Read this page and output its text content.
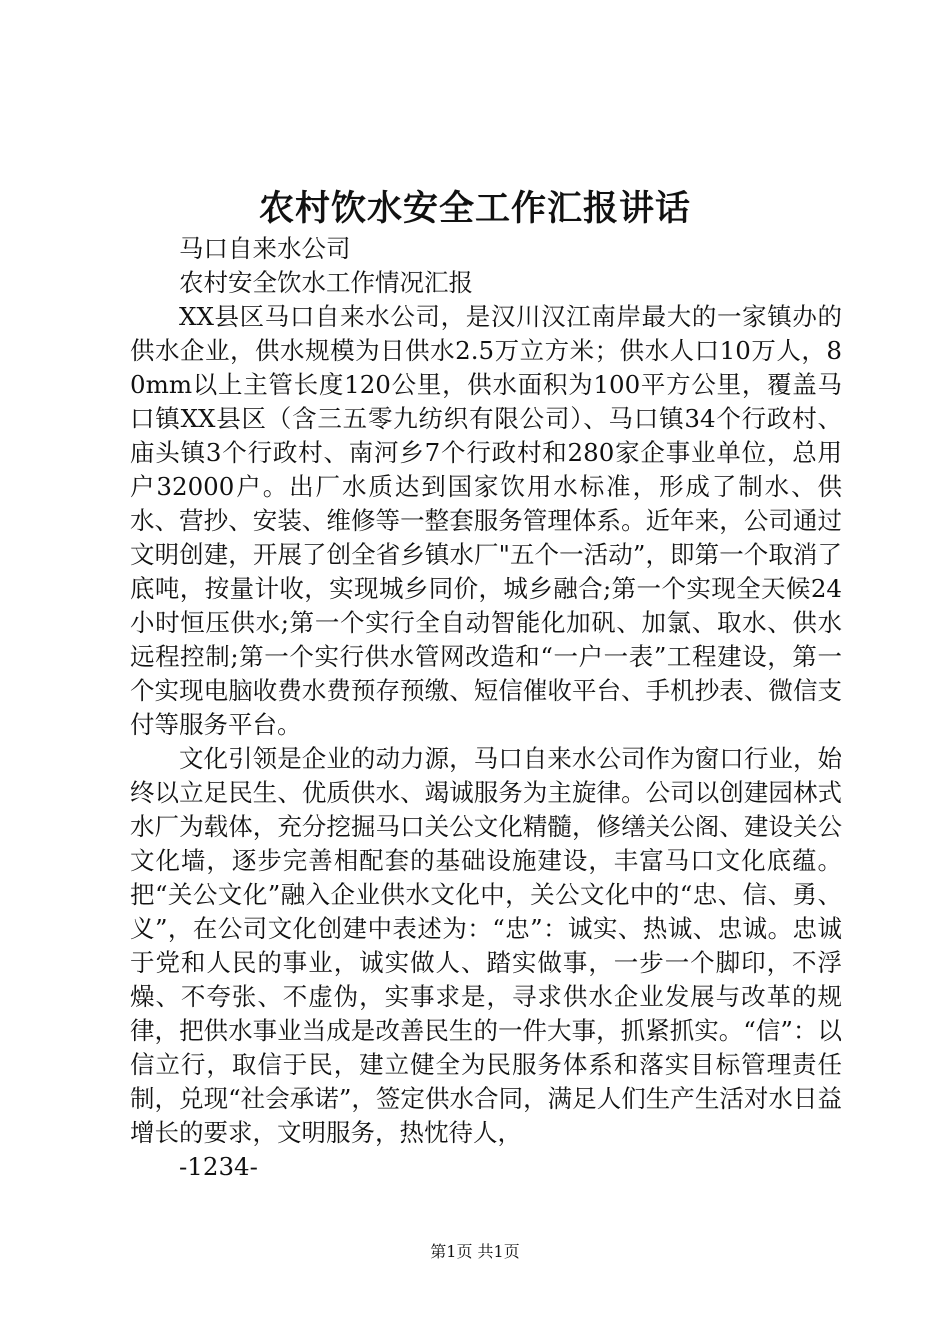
农村饮水安全工作汇报讲话

马口自来水公司

农村安全饮水工作情况汇报

XX县区马口自来水公司，是汉川汉江南岸最大的一家镇办的供水企业，供水规模为日供水2.5万立方米；供水人口10万人，80mm以上主管长度120公里，供水面积为100平方公里，覆盖马口镇XX县区（含三五零九纺织有限公司）、马口镇34个行政村、庙头镇3个行政村、南河乡7个行政村和280家企事业单位，总用户32000户。出厂水质达到国家饮用水标准，形成了制水、供水、营抄、安装、维修等一整套服务管理体系。近年来，公司通过文明创建，开展了创全省乡镇水厂"五个一活动”，即第一个取消了底吨，按量计收，实现城乡同价，城乡融合;第一个实现全天候24小时恒压供水;第一个实行全自动智能化加矾、加氯、取水、供水远程控制;第一个实行供水管网改造和“一户一表”工程建设，第一个实现电脑收费水费预存预缴、短信催收平台、手机抄表、微信支付等服务平台。

文化引领是企业的动力源，马口自来水公司作为窗口行业，始终以立足民生、优质供水、竭诚服务为主旋律。公司以创建园林式水厂为载体，充分挖掘马口关公文化精髓，修缮关公阁、建设关公文化墙，逐步完善相配套的基础设施建设，丰富马口文化底蕴。把“关公文化”融入企业供水文化中，关公文化中的“忠、信、勇、义”，在公司文化创建中表述为：“忠”：诚实、热诚、忠诚。忠诚于党和人民的事业，诚实做人、踏实做事，一步一个脚印，不浮燥、不夸张、不虚伪，实事求是，寻求供水企业发展与改革的规律，把供水事业当成是改善民生的一件大事，抓紧抓实。“信”：以信立行，取信于民，建立健全为民服务体系和落实目标管理责任制，兑现“社会承诺”，签定供水合同，满足人们生产生活对水日益增长的要求，文明服务，热忱待人，

-1234-

第1页 共1页
